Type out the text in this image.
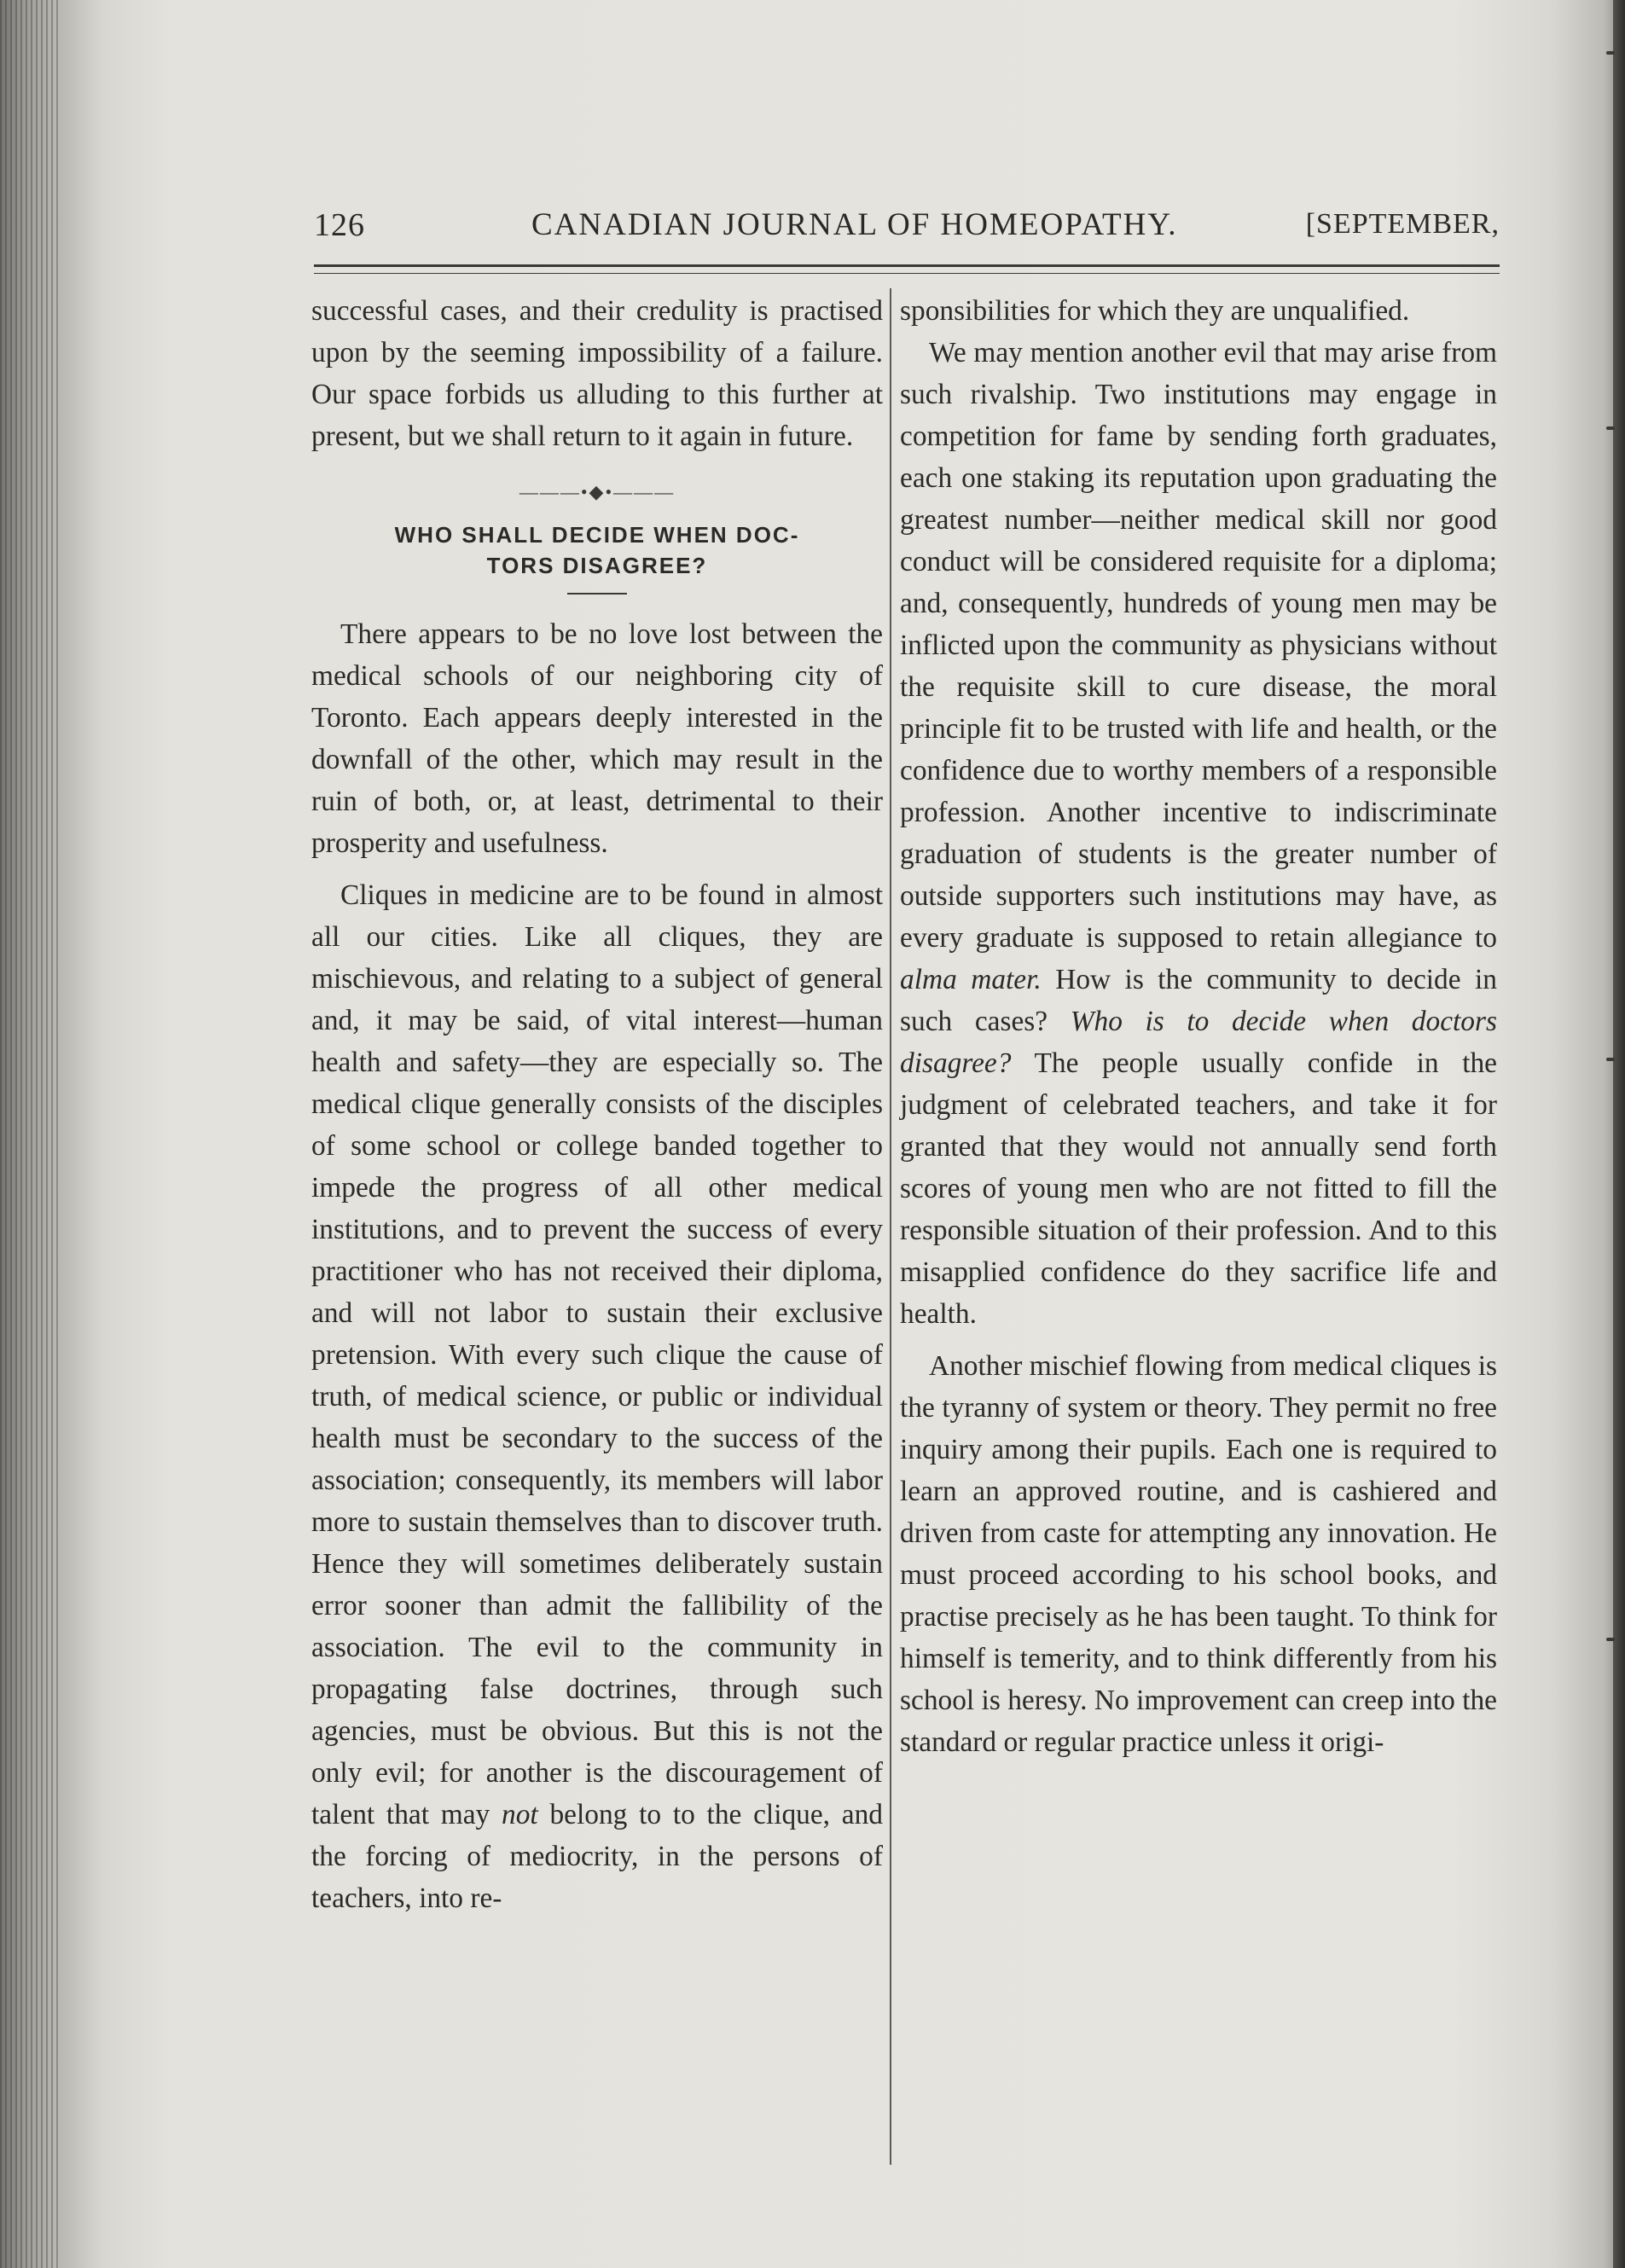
126	CANADIAN JOURNAL OF HOMEOPATHY.	[SEPTEMBER,

successful cases, and their credulity is practised upon by the seeming impossibility of a failure. Our space forbids us alluding to this further at present, but we shall return to it again in future.

———•◆•———

WHO SHALL DECIDE WHEN DOC-

TORS DISAGREE?

There appears to be no love lost between the medical schools of our neighboring city of Toronto. Each appears deeply interested in the downfall of the other, which may result in the ruin of both, or, at least, detrimental to their prosperity and usefulness.

Cliques in medicine are to be found in almost all our cities. Like all cliques, they are mischievous, and relating to a subject of general and, it may be said, of vital interest—human health and safety—they are especially so. The medical clique generally consists of the disciples of some school or college banded together to impede the progress of all other medical institutions, and to prevent the success of every practitioner who has not received their diploma, and will not labor to sustain their exclusive pretension. With every such clique the cause of truth, of medical science, or public or individual health must be secondary to the success of the association; consequently, its members will labor more to sustain themselves than to discover truth. Hence they will sometimes deliberately sustain error sooner than admit the fallibility of the association. The evil to the community in propagating false doctrines, through such agencies, must be obvious. But this is not the only evil; for another is the discouragement of talent that may not belong to to the clique, and the forcing of mediocrity, in the persons of teachers, into re-

sponsibilities for which they are unqualified.

We may mention another evil that may arise from such rivalship. Two institutions may engage in competition for fame by sending forth graduates, each one staking its reputation upon graduating the greatest number—neither medical skill nor good conduct will be considered requisite for a diploma; and, consequently, hundreds of young men may be inflicted upon the community as physicians without the requisite skill to cure disease, the moral principle fit to be trusted with life and health, or the confidence due to worthy members of a responsible profession. Another incentive to indiscriminate graduation of students is the greater number of outside supporters such institutions may have, as every graduate is supposed to retain allegiance to alma mater. How is the community to decide in such cases? Who is to decide when doctors disagree? The people usually confide in the judgment of celebrated teachers, and take it for granted that they would not annually send forth scores of young men who are not fitted to fill the responsible situation of their profession. And to this misapplied confidence do they sacrifice life and health.

Another mischief flowing from medical cliques is the tyranny of system or theory. They permit no free inquiry among their pupils. Each one is required to learn an approved routine, and is cashiered and driven from caste for attempting any innovation. He must proceed according to his school books, and practise precisely as he has been taught. To think for himself is temerity, and to think differently from his school is heresy. No improvement can creep into the standard or regular practice unless it origi-
